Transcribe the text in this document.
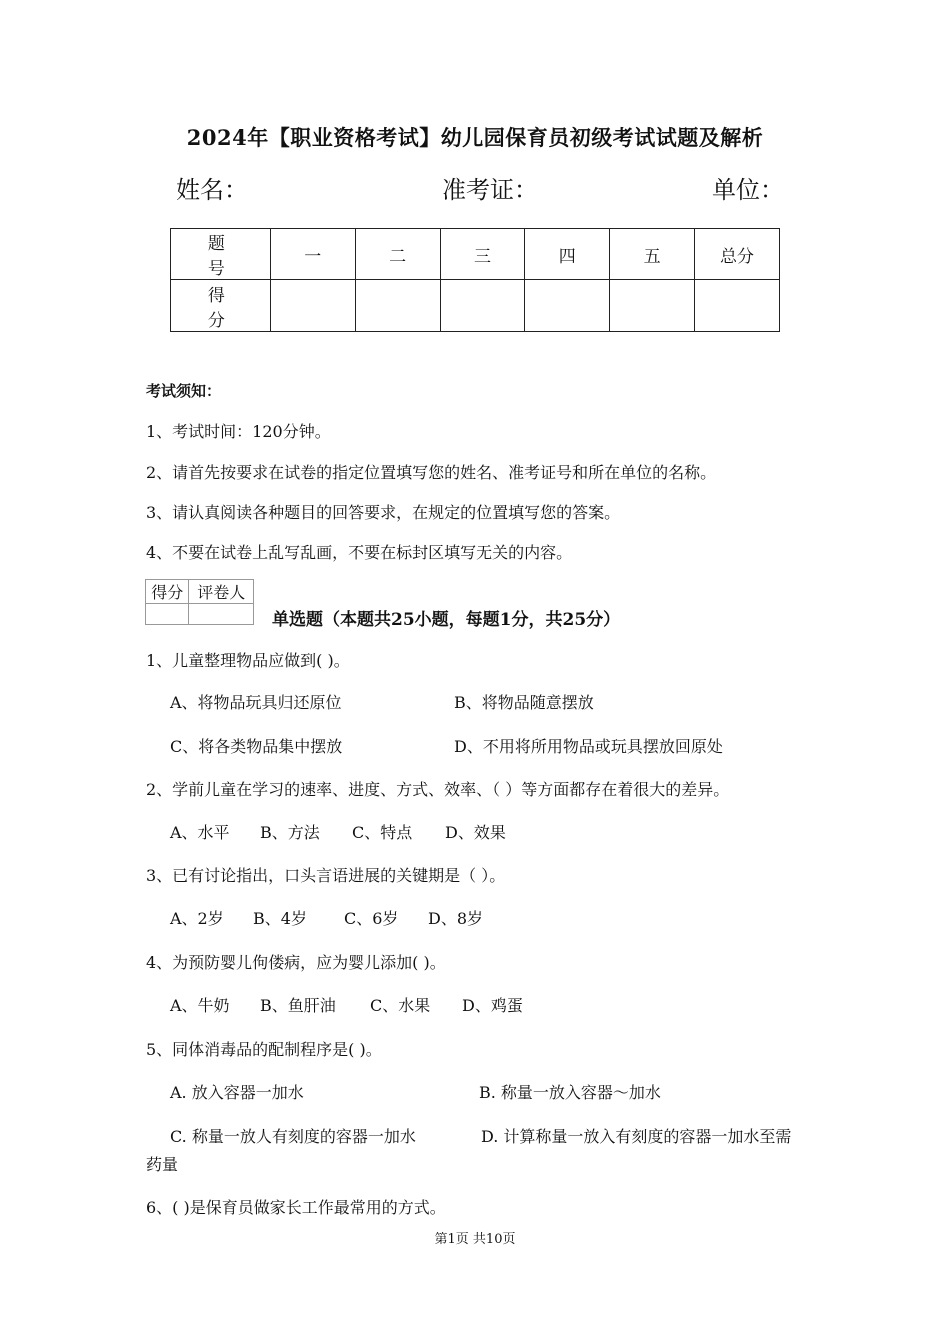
2024年【职业资格考试】幼儿园保育员初级考试试题及解析
姓名：	准考证：	单位：
题 号	一	二	三	四	五	总分
得 分						
考试须知：
1、考试时间：120分钟。
2、请首先按要求在试卷的指定位置填写您的姓名、准考证号和所在单位的名称。
3、请认真阅读各种题目的回答要求，在规定的位置填写您的答案。
4、不要在试卷上乱写乱画，不要在标封区填写无关的内容。
得分	评卷人

单选题（本题共25小题，每题1分，共25分）
1、儿童整理物品应做到( )。
A、将物品玩具归还原位	B、将物品随意摆放
C、将各类物品集中摆放	D、不用将所用物品或玩具摆放回原处
2、学前儿童在学习的速率、进度、方式、效率、（ ）等方面都存在着很大的差异。
A、水平 B、方法 C、特点 D、效果
3、已有讨论指出，口头言语进展的关键期是（ ）。
A、2岁 B、4岁 C、6岁 D、8岁
4、为预防婴儿佝偻病，应为婴儿添加( )。
A、牛奶 B、鱼肝油 C、水果 D、鸡蛋
5、同体消毒品的配制程序是( )。
A. 放入容器一加水	B. 称量一放入容器～加水
C. 称量一放人有刻度的容器一加水	D. 计算称量一放入有刻度的容器一加水至需
药量
6、( )是保育员做家长工作最常用的方式。
第1页 共10页
